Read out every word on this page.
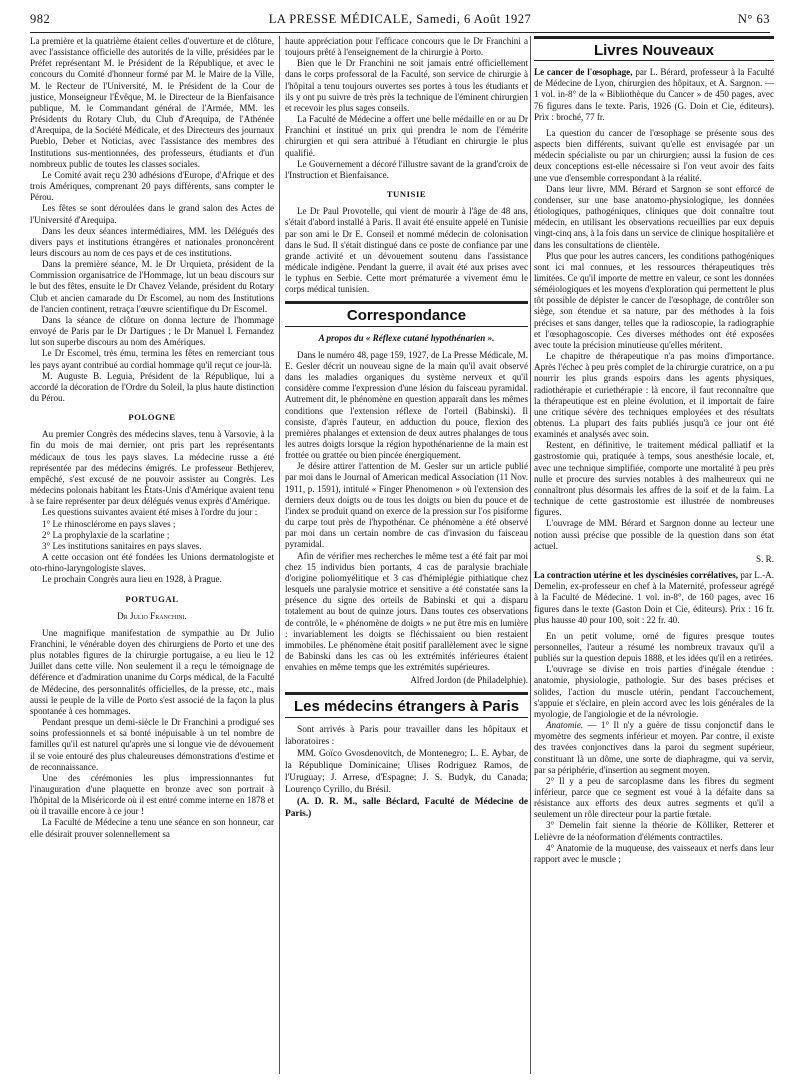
982	LA PRESSE MÉDICALE, Samedi, 6 Août 1927	N° 63

La première et la quatrième étaient celles d'ouverture et de clôture, avec l'assistance officielle des autorités de la ville, présidées par le Préfet représentant M. le Président de la République, et avec le concours du Comité d'honneur formé par M. le Maire de la Ville, M. le Recteur de l'Université, M. le Président de la Cour de justice, Monseigneur l'Évêque, M. le Directeur de la Bienfaisance publique, M. le Commandant général de l'Armée, MM. les Présidents du Rotary Club, du Club d'Arequipa, de l'Athénée d'Arequipa, de la Société Médicale, et des Directeurs des journaux Pueblo, Deber et Noticias, avec l'assistance des membres des Institutions sus-mentionnées, des professeurs, étudiants et d'un nombreux public de toutes les classes sociales.

Le Comité avait reçu 230 adhésions d'Europe, d'Afrique et des trois Amériques, comprenant 20 pays différents, sans compter le Pérou.

Les fêtes se sont déroulées dans le grand salon des Actes de l'Université d'Arequipa.

Dans les deux séances intermédiaires, MM. les Délégués des divers pays et institutions étrangères et nationales prononcèrent leurs discours au nom de ces pays et de ces institutions.

Dans la première séance, M. le Dr Urquieta, président de la Commission organisatrice de l'Hommage, lut un beau discours sur le but des fêtes, ensuite le Dr Chavez Velande, président du Rotary Club et ancien camarade du Dr Escomel, au nom des Institutions de l'ancien continent, retraça l'œuvre scientifique du Dr Escomel.

Dans la séance de clôture on donna lecture de l'hommage envoyé de Paris par le Dr Dartigues ; le Dr Manuel I. Fernandez lut son superbe discours au nom des Amériques.

Le Dr Escomel, très ému, termina les fêtes en remerciant tous les pays ayant contribué au cordial hommage qu'il reçut ce jour-là.

M. Auguste B. Leguia, Président de la République, lui a accordé la décoration de l'Ordre du Soleil, la plus haute distinction du Pérou.

POLOGNE

Au premier Congrès des médecins slaves, tenu à Varsovie, à la fin du mois de mai dernier, ont pris part les représentants médicaux de tous les pays slaves. La médecine russe a été représentée par des médecins émigrés. Le professeur Bethjerev, empêché, s'est excusé de ne pouvoir assister au Congrès. Les médecins polonais habitant les États-Unis d'Amérique avaient tenu à se faire représenter par deux délégués venus exprès d'Amérique.

Les questions suivantes avaient été mises à l'ordre du jour :

1° Le rhinosclérome en pays slaves ;

2° La prophylaxie de la scarlatine ;

3° Les institutions sanitaires en pays slaves.

A cette occasion ont été fondées les Unions dermatologiste et oto-rhino-laryngologiste slaves.

Le prochain Congrès aura lieu en 1928, à Prague.

PORTUGAL

Dr Julio Franchini.

Une magnifique manifestation de sympathie au Dr Julio Franchini, le vénérable doyen des chirurgiens de Porto et une des plus notables figures de la chirurgie portugaise, a eu lieu le 12 Juillet dans cette ville. Non seulement il a reçu le témoignage de déférence et d'admiration unanime du Corps médical, de la Faculté de Médecine, des personnalités officielles, de la presse, etc., mais aussi le peuple de la ville de Porto s'est associé de la façon la plus spontanée à ces hommages.

Pendant presque un demi-siècle le Dr Franchini a prodigué ses soins professionnels et sa bonté inépuisable à un tel nombre de familles qu'il est naturel qu'après une si longue vie de dévouement il se voie entouré des plus chaleureuses démonstrations d'estime et de reconnaissance.

Une des cérémonies les plus impressionnantes fut l'inauguration d'une plaquette en bronze avec son portrait à l'hôpital de la Miséricorde où il est entré comme interne en 1878 et où il travaille encore à ce jour !

La Faculté de Médecine a tenu une séance en son honneur, car elle désirait prouver solennellement sa

haute appréciation pour l'efficace concours que le Dr Franchini a toujours prêté à l'enseignement de la chirurgie à Porto.

Bien que le Dr Franchini ne soit jamais entré officiellement dans le corps professoral de la Faculté, son service de chirurgie à l'hôpital a tenu toujours ouvertes ses portes à tous les étudiants et ils y ont pu suivre de très près la technique de l'éminent chirurgien et recevoir les plus sages conseils.

La Faculté de Médecine a offert une belle médaille en or au Dr Franchini et institué un prix qui prendra le nom de l'émérite chirurgien et qui sera attribué à l'étudiant en chirurgie le plus qualifié.

Le Gouvernement a décoré l'illustre savant de la grand'croix de l'Instruction et Bienfaisance.

TUNISIE

Le Dr Paul Provotelle, qui vient de mourir à l'âge de 48 ans, s'était d'abord installé à Paris. Il avait été ensuite appelé en Tunisie par son ami le Dr E. Conseil et nommé médecin de colonisation dans le Sud. Il s'était distingué dans ce poste de confiance par une grande activité et un dévouement soutenu dans l'assistance médicale indigène. Pendant la guerre, il avait été aux prises avec le typhus en Serbie. Cette mort prématurée a vivement ému le corps médical tunisien.

Correspondance

A propos du « Réflexe cutané hypothénarien ».

Dans le numéro 48, page 159, 1927, de La Presse Médicale, M. E. Gesler décrit un nouveau signe de la main qu'il avait observé dans les maladies organiques du système nerveux et qu'il considère comme l'expression d'une lésion du faisceau pyramidal. Autrement dit, le phénomène en question apparaît dans les mêmes conditions que l'extension réflexe de l'orteil (Babinski). Il consiste, d'après l'auteur, en adduction du pouce, flexion des premières phalanges et extension de deux autres phalanges de tous les autres doigts lorsque la région hypothénarienne de la main est frottée ou grattée ou bien pincée énergiquement.

Je désire attirer l'attention de M. Gesler sur un article publié par moi dans le Journal of American medical Association (11 Nov. 1911, p. 1591), intitulé « Finger Phenomenon » où l'extension des derniers deux doigts ou de tous les doigts ou bien du pouce et de l'index se produit quand on exerce de la pression sur l'os pisiforme du carpe tout près de l'hypothénar. Ce phénomène a été observé par moi dans un certain nombre de cas d'invasion du faisceau pyramidal.

Afin de vérifier mes recherches le même test a été fait par moi chez 15 individus bien portants, 4 cas de paralysie brachiale d'origine poliomyélitique et 3 cas d'hémiplégie pithiatique chez lesquels une paralysie motrice et sensitive a été constatée sans la présence du signe des orteils de Babinski et qui a disparu totalement au bout de quinze jours. Dans toutes ces observations de contrôle, le « phénomène de doigts » ne put être mis en lumière : invariablement les doigts se fléchissaient ou bien restaient immobiles. Le phénomène était positif parallèlement avec le signe de Babinski dans les cas où les extrémités inférieures étaient envahies en même temps que les extrémités supérieures.

Alfred Jordon (de Philadelphie).

Les médecins étrangers à Paris

Sont arrivés à Paris pour travailler dans les hôpitaux et laboratoires :

MM. Goïco Gvosdenovitch, de Montenegro; L. E. Aybar, de la République Dominicaine; Ulises Rodriguez Ramos, de l'Uruguay; J. Arrese, d'Espagne; J. S. Budyk, du Canada; Lourenço Cyrillo, du Brésil.

(A. D. R. M., salle Béclard, Faculté de Médecine de Paris.)

Livres Nouveaux

Le cancer de l'œsophage, par L. Bérard, professeur à la Faculté de Médecine de Lyon, chirurgien des hôpitaux, et A. Sargnon. — 1 vol. in-8° de la « Bibliothèque du Cancer » de 450 pages, avec 76 figures dans le texte. Paris, 1926 (G. Doin et Cie, éditeurs). Prix : broché, 77 fr.

La question du cancer de l'œsophage se présente sous des aspects bien différents, suivant qu'elle est envisagée par un médecin spécialiste ou par un chirurgien; aussi la fusion de ces deux conceptions est-elle nécessaire si l'on veut avoir des faits une vue d'ensemble correspondant à la réalité.

Dans leur livre, MM. Bérard et Sargnon se sont efforcé de condenser, sur une base anatomo-physiologique, les données étiologiques, pathogéniques, cliniques que doit connaître tout médecin, en utilisant les observations recueillies par eux depuis vingt-cinq ans, à la fois dans un service de clinique hospitalière et dans les consultations de clientèle.

Plus que pour les autres cancers, les conditions pathogéniques sont ici mal connues, et les ressources thérapeutiques très limitées. Ce qu'il importe de mettre en valeur, ce sont les données séméiologiques et les moyens d'exploration qui permettent le plus tôt possible de dépister le cancer de l'œsophage, de contrôler son siège, son étendue et sa nature, par des méthodes à la fois précises et sans danger, telles que la radioscopie, la radiographie et l'œsophagoscopie. Ces diverses méthodes ont été exposées avec toute la précision minutieuse qu'elles méritent.

Le chapitre de thérapeutique n'a pas moins d'importance. Après l'échec à peu près complet de la chirurgie curatrice, on a pu nourrir les plus grands espoirs dans les agents physiques, radiothérapie et curiethérapie : là encore, il faut reconnaître que la thérapeutique est en pleine évolution, et il importait de faire une critique sévère des techniques employées et des résultats obtenus. La plupart des faits publiés jusqu'à ce jour ont été examinés et analysés avec soin.

Restent, en définitive, le traitement médical palliatif et la gastrostomie qui, pratiquée à temps, sous anesthésie locale, et, avec une technique simplifiée, comporte une mortalité à peu près nulle et procure des survies notables à des malheureux qui ne connaîtront plus désormais les affres de la soif et de la faim. La technique de cette gastrostomie est illustrée de nombreuses figures.

L'ouvrage de MM. Bérard et Sargnon donne au lecteur une notion aussi précise que possible de la question dans son état actuel.

S. R.

La contraction utérine et les dyscinésies corrélatives, par L.-A. Demelin, ex-professeur en chef à la Maternité, professeur agrégé à la Faculté de Médecine. 1 vol. in-8°, de 160 pages, avec 16 figures dans le texte (Gaston Doin et Cie, éditeurs). Prix : 16 fr. plus hausse 40 pour 100, soit : 22 fr. 40.

En un petit volume, orné de figures presque toutes personnelles, l'auteur a résumé les nombreux travaux qu'il a publiés sur la question depuis 1888, et les idées qu'il en a retirées.

L'ouvrage se divise en trois parties d'inégale étendue : anatomie, physiologie, pathologie. Sur des bases précises et solides, l'action du muscle utérin, pendant l'accouchement, s'appuie et s'éclaire, en plein accord avec les lois générales de la myologie, de l'angiologie et de la névrologie.

Anatomie. — 1° Il n'y a guère de tissu conjonctif dans le myomètre des segments inférieur et moyen. Par contre, il existe des travées conjonctives dans la paroi du segment supérieur, constituant là un dôme, une sorte de diaphragme, qui va servir, par sa périphérie, d'insertion au segment moyen.

2° Il y a peu de sarcoplasme dans les fibres du segment inférieur, parce que ce segment est voué à la défaite dans sa résistance aux efforts des deux autres segments et qu'il a seulement un rôle directeur pour la partie fœtale.

3° Demelin fait sienne la théorie de Kölliker, Retterer et Lelièvre de la néoformation d'éléments contractiles.

4° Anatomie de la muqueuse, des vaisseaux et nerfs dans leur rapport avec le muscle ;
